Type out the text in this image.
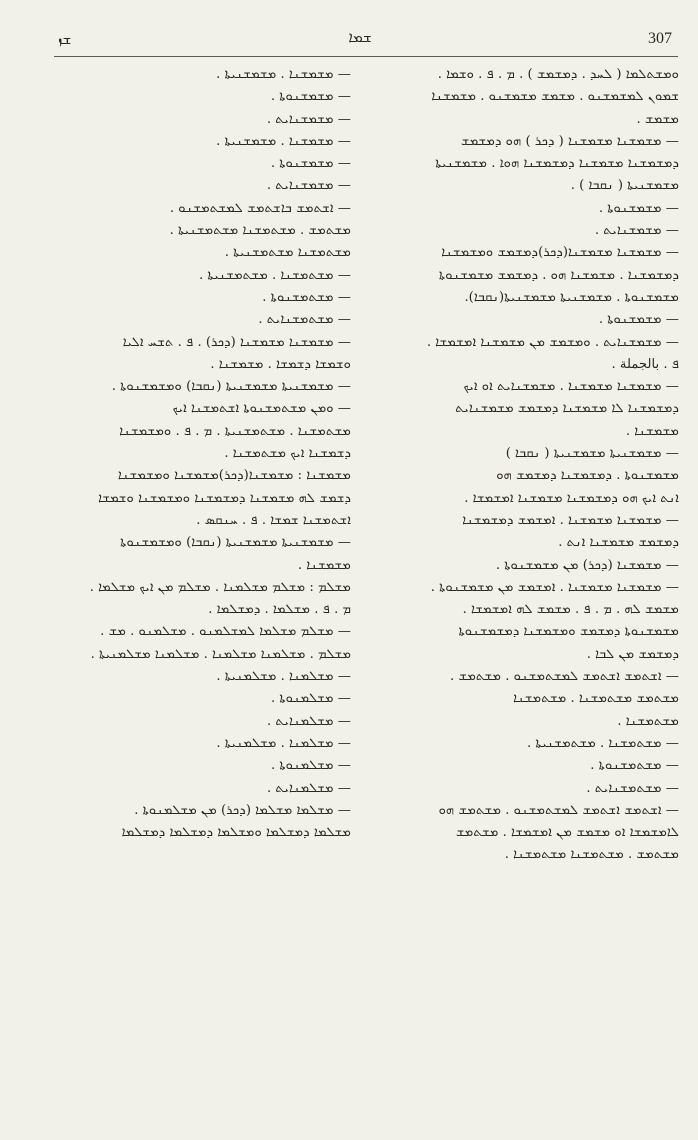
ܫܙ	ܫܡܐ	307
— ܡܫܡܫܢܐ . ܡܫܡܫܢܝܬܐ .
— ܡܫܡܫܢܘܬܐ .
— ܡܫܡܫܢܐܝܬ .
— ܡܫܡܫܢܐ . ܡܫܡܫܢܝܬܐ .
— ܡܫܡܫܢܘܬܐ .
— ܡܫܡܫܢܐܝܬ .
— ܐܫܬܡܫ ܒܐܫܬܡܫ ܠܡܫܬܡܫܢܘ .
ܡܫܬܡܫ . ܡܫܬܡܫܢܐ ܡܫܬܡܫܢܝܬܐ .
ܡܫܬܡܫܢܐ ܡܫܬܡܫܢܝܬܐ .
— ܡܫܬܡܫܢܐ . ܡܫܬܡܫܢܝܬܐ .
— ܡܫܬܡܫܢܘܬܐ .
— ܡܫܬܡܫܢܐܝܬ .
— ܡܫܡܫܢܐ ܡܫܡܫܢܐ (ܕܟܪ) . ܦ . ܬܫܚ ܐܠܝܐ
ܘܫܡܫܐ ܕܫܡܫܐ . ܡܫܡܫܢܐ .
— ܡܫܡܫܢܝܬܐ ܡܫܡܫܢܝܬܐ (ܢܩܒܐ) ܘܡܫܡܫܢܘܬܐ .
— ܘܡܢ ܡܫܬܡܫܢܘܬܐ ܐܫܬܡܫܢܐ ܐܝܟ
ܡܫܬܡܫܢܐ . ܡܫܬܡܫܢܝܬܐ . ܡ . ܦ . ܘܡܫܡܫܢܐ
ܕܫܡܫܢܐ ܐܝܟ ܡܫܬܡܫܢܐ .
ܡܫܡܫܢܐ : ܡܫܡܫܢܐ(ܕܟܪ)ܡܫܡܫܢܐ ܘܡܫܡܫܢܐ
ܕܫܡܫ ܠܗ ܡܫܡܫܢܐ ܕܡܫܡܫܢܐ ܘܡܫܡܫܢܐ ܘܫܡܫܐ
ܐܫܬܡܫܢܐ ܫܡܫܐ . ܦ . ܚܢܩܣ .
— ܡܫܡܫܢܝܬܐ ܡܫܡܫܢܝܬܐ (ܢܩܒܐ) ܘܡܫܡܫܢܘܬܐ
ܡܫܡܫܢܐ .
ܡܫܠܡ : ܡܫܠܡ ܡܫܠܡܢܐ . ܡܫܠܡ ܡܢ ܐܝܟ ܡܫܠܡܐ .
ܡ . ܦ . ܡܫܠܡܐ . ܕܡܫܠܡܐ .
— ܡܫܠܡ ܡܫܠܡܐ ܠܡܫܠܡܢܘ . ܡܫܠܡܢܘ . ܡܫ .
ܡܫܠܡ . ܡܫܠܡܢܐ ܡܫܠܡܢܐ . ܡܫܠܡܢܐ ܡܫܠܡܢܝܬܐ .
— ܡܫܠܡܢܐ . ܡܫܠܡܢܝܬܐ .
— ܡܫܠܡܢܘܬܐ .
— ܡܫܠܡܢܐܝܬ .
— ܡܫܠܡܢܐ . ܡܫܠܡܢܝܬܐ .
— ܡܫܠܡܢܘܬܐ .
— ܡܫܠܡܢܐܝܬ .
— ܡܫܠܡܐ ܡܫܠܡܐ (ܕܟܪ) ܡܢ ܡܫܠܡܢܘܬܐ .
ܡܫܠܡܐ ܕܡܫܠܡܐ ܘܡܫܠܡܐ ܕܡܫܠܡܐ ܕܡܫܠܡܐ
ܘܡܫܬܠܡܐ ( ܠܚܕ . ܕܡܫܡܫ ) . ܡ . ܦ . ܘܫܡܐ .
ܫܡܘܢ ܠܡܫܡܫܢܘ . ܡܫܡܫ ܡܫܡܫܢܘ . ܡܫܡܫܢܐ
ܡܫܡܫ .
— ܡܫܡܫܢܐ ܡܫܡܫܢܐ ( ܕܟܪ ) ܗܘ ܕܡܫܡܫ
ܕܡܫܡܫܢܐ ܡܫܡܫܢܐ ܕܡܫܡܫܢܐ ܗܘܐ . ܡܫܡܫܢܝܬܐ
ܡܫܡܫܢܝܬܐ ( ܢܩܒܐ ) .
— ܡܫܡܫܢܘܬܐ .
— ܡܫܡܫܢܐܝܬ .
— ܡܫܡܫܢܐ ܡܫܡܫܢܐ(ܕܟܪ)ܕܡܫܡܫ ܘܡܫܡܫܢܐ
ܕܡܫܡܫܢܐ . ܡܫܡܫܢܐ ܗܘ . ܕܡܫܡܫ ܡܫܡܫܢܘܬܐ
ܡܫܡܫܢܘܬܐ . ܡܫܡܫܢܝܬܐ ܡܫܡܫܢܝܬܐ(ܢܩܒܐ).
— ܡܫܡܫܢܘܬܐ .
— ܡܫܡܫܢܐܝܬ . ܘܡܫܡܫ ܡܢ ܡܫܡܫܢܐ ܐܡܫܡܫܐ .
ܦ . بالجملة .
— ܡܫܡܫܢܐ ܡܫܡܫܢܐ . ܡܫܡܫܢܐܝܬ ܐܘ ܐܝܟ
ܕܡܫܡܫܢܐ ܠܐ ܡܫܡܫܢܐ ܕܡܫܡܫ ܡܫܡܫܢܐܝܬ
ܡܫܡܫܢܐ .
— ܡܫܡܫܢܝܬܐ ܡܫܡܫܢܝܬܐ ( ܢܩܒܐ )
ܡܫܡܫܢܘܬܐ . ܕܡܫܡܫܢܐ ܕܡܫܡܫ ܗܘ
ܐܢܬ ܐܝܟ ܗܘ ܕܡܫܡܫܢܐ ܡܫܡܫܢܐ ܐܡܫܡܫܐ .
— ܡܫܡܫܢܐ ܡܫܡܫܢܐ . ܐܡܫܡܫ ܕܡܫܡܫܢܐ
ܕܡܫܡܫ ܡܫܡܫܢܐ ܐܢܬ .
— ܡܫܡܫܢܐ (ܕܟܪ) ܡܢ ܡܫܡܫܢܘܬܐ .
— ܡܫܡܫܢܐ ܡܫܡܫܢܐ . ܐܡܫܡܫ ܡܢ ܡܫܡܫܢܘܬܐ .
ܡܫܡܫ ܠܗ . ܡ . ܦ . ܡܫܡܫ ܠܗ ܐܡܫܡܫܐ .
ܡܫܡܫܢܘܬܐ ܕܡܫܡܫ ܘܡܫܡܫܢܐ ܕܡܫܡܫܢܘܬܐ
ܕܡܫܡܫ ܡܢ ܠܒܐ .
— ܐܫܬܡܫ ܐܫܬܡܫ ܠܡܫܬܡܫܢܘ . ܡܫܬܡܫ .
ܡܫܬܡܫ ܡܫܬܡܫܢܐ . ܡܫܬܡܫܢܐ
ܡܫܬܡܫܢܐ .
— ܡܫܬܡܫܢܐ . ܡܫܬܡܫܢܝܬܐ .
— ܡܫܬܡܫܢܘܬܐ .
— ܡܫܬܡܫܢܐܝܬ .
— ܐܫܬܡܫ ܐܫܬܡܫ ܠܡܫܬܡܫܢܘ . ܡܫܬܡܫ ܗܘ
ܠܐܡܫܡܫܐ ܐܘ ܡܫܡܫ ܡܢ ܐܡܫܡܫܐ . ܡܫܬܡܫ
ܡܫܬܡܫ . ܡܫܬܡܫܢܐ ܡܫܬܡܫܢܐ .
